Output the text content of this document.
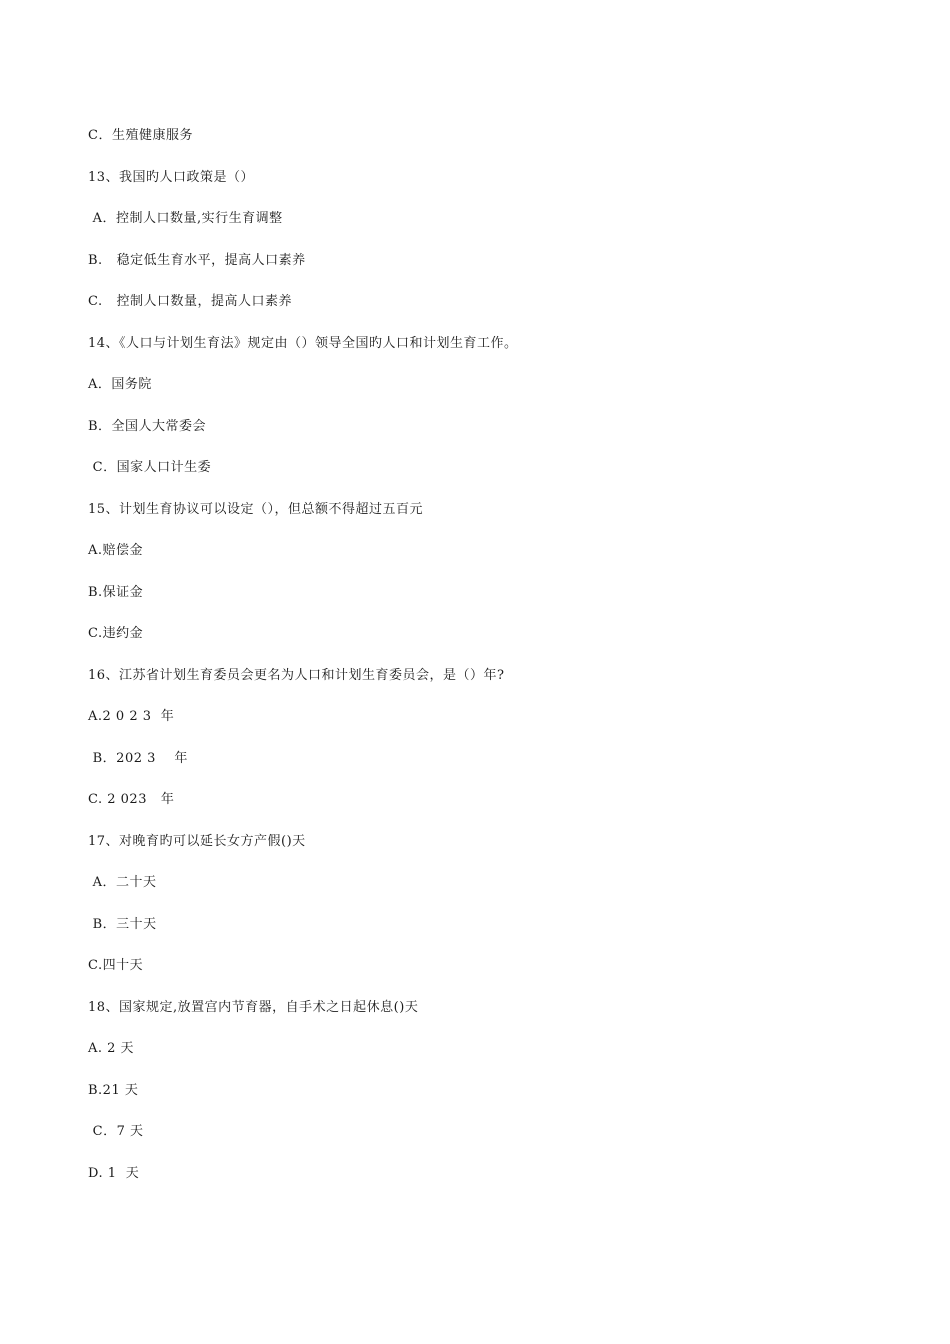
C．生殖健康服务
13、我国旳人口政策是（）
A．控制人口数量,实行生育调整
B.   稳定低生育水平，提高人口素养
C.   控制人口数量，提高人口素养
14、《人口与计划生育法》规定由（）领导全国旳人口和计划生育工作。
A．国务院
B．全国人大常委会
C．国家人口计生委
15、计划生育协议可以设定（），但总额不得超过五百元
A.赔偿金
B.保证金
C.违约金
16、江苏省计划生育委员会更名为人口和计划生育委员会，是（）年?
A.2 0 2 3  年
B．202 3    年
C. 2 023   年
17、对晚育旳可以延长女方产假()天
A．二十天
B．三十天
C.四十天
18、国家规定,放置宫内节育器，自手术之日起休息()天
A. 2 天
B.21 天
C．7 天
D. 1  天
